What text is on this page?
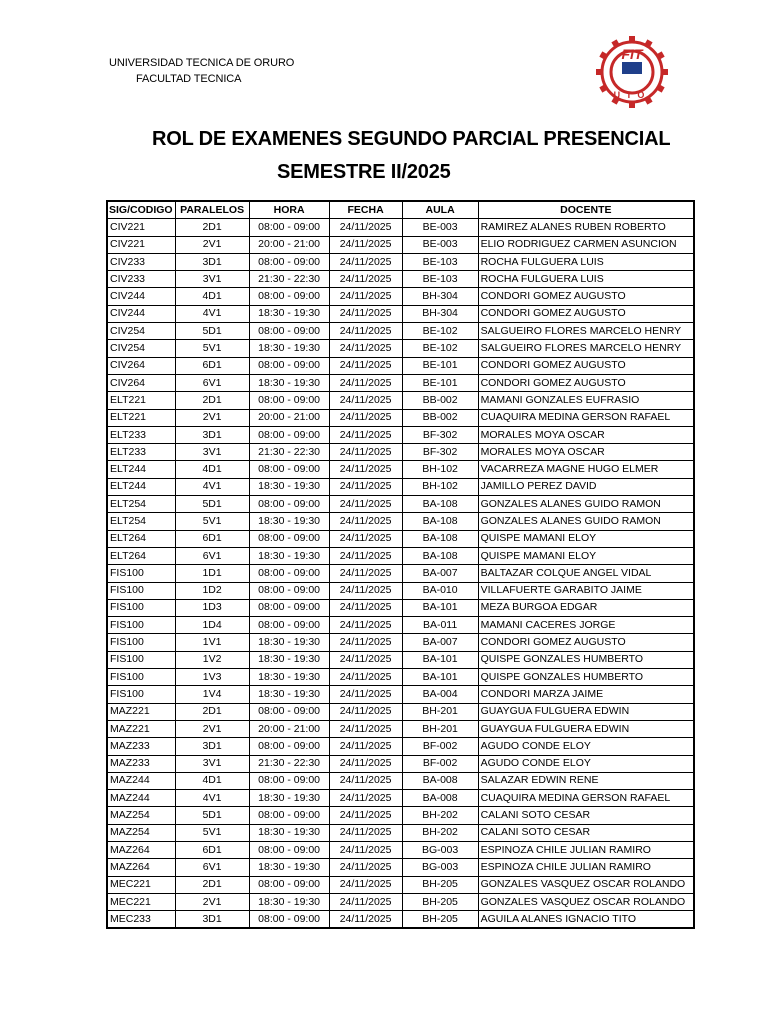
UNIVERSIDAD TECNICA DE ORURO
FACULTAD TECNICA
FIT
UTO
ROL DE EXAMENES SEGUNDO PARCIAL PRESENCIAL
SEMESTRE II/2025
SIG/CODIGO	PARALELOS	HORA	FECHA	AULA	DOCENTE
CIV221	2D1	08:00 - 09:00	24/11/2025	BE-003	RAMIREZ ALANES RUBEN ROBERTO
CIV221	2V1	20:00 - 21:00	24/11/2025	BE-003	ELIO RODRIGUEZ CARMEN ASUNCION
CIV233	3D1	08:00 - 09:00	24/11/2025	BE-103	ROCHA FULGUERA LUIS
CIV233	3V1	21:30 - 22:30	24/11/2025	BE-103	ROCHA FULGUERA LUIS
CIV244	4D1	08:00 - 09:00	24/11/2025	BH-304	CONDORI GOMEZ AUGUSTO
CIV244	4V1	18:30 - 19:30	24/11/2025	BH-304	CONDORI GOMEZ AUGUSTO
CIV254	5D1	08:00 - 09:00	24/11/2025	BE-102	SALGUEIRO FLORES MARCELO HENRY
CIV254	5V1	18:30 - 19:30	24/11/2025	BE-102	SALGUEIRO FLORES MARCELO HENRY
CIV264	6D1	08:00 - 09:00	24/11/2025	BE-101	CONDORI GOMEZ AUGUSTO
CIV264	6V1	18:30 - 19:30	24/11/2025	BE-101	CONDORI GOMEZ AUGUSTO
ELT221	2D1	08:00 - 09:00	24/11/2025	BB-002	MAMANI GONZALES EUFRASIO
ELT221	2V1	20:00 - 21:00	24/11/2025	BB-002	CUAQUIRA MEDINA GERSON RAFAEL
ELT233	3D1	08:00 - 09:00	24/11/2025	BF-302	MORALES MOYA OSCAR
ELT233	3V1	21:30 - 22:30	24/11/2025	BF-302	MORALES MOYA OSCAR
ELT244	4D1	08:00 - 09:00	24/11/2025	BH-102	VACARREZA MAGNE HUGO ELMER
ELT244	4V1	18:30 - 19:30	24/11/2025	BH-102	JAMILLO PEREZ DAVID
ELT254	5D1	08:00 - 09:00	24/11/2025	BA-108	GONZALES ALANES GUIDO RAMON
ELT254	5V1	18:30 - 19:30	24/11/2025	BA-108	GONZALES ALANES GUIDO RAMON
ELT264	6D1	08:00 - 09:00	24/11/2025	BA-108	QUISPE MAMANI ELOY
ELT264	6V1	18:30 - 19:30	24/11/2025	BA-108	QUISPE MAMANI ELOY
FIS100	1D1	08:00 - 09:00	24/11/2025	BA-007	BALTAZAR COLQUE ANGEL VIDAL
FIS100	1D2	08:00 - 09:00	24/11/2025	BA-010	VILLAFUERTE GARABITO JAIME
FIS100	1D3	08:00 - 09:00	24/11/2025	BA-101	MEZA BURGOA EDGAR
FIS100	1D4	08:00 - 09:00	24/11/2025	BA-011	MAMANI CACERES JORGE
FIS100	1V1	18:30 - 19:30	24/11/2025	BA-007	CONDORI GOMEZ AUGUSTO
FIS100	1V2	18:30 - 19:30	24/11/2025	BA-101	QUISPE GONZALES HUMBERTO
FIS100	1V3	18:30 - 19:30	24/11/2025	BA-101	QUISPE GONZALES HUMBERTO
FIS100	1V4	18:30 - 19:30	24/11/2025	BA-004	CONDORI MARZA JAIME
MAZ221	2D1	08:00 - 09:00	24/11/2025	BH-201	GUAYGUA FULGUERA EDWIN
MAZ221	2V1	20:00 - 21:00	24/11/2025	BH-201	GUAYGUA FULGUERA EDWIN
MAZ233	3D1	08:00 - 09:00	24/11/2025	BF-002	AGUDO CONDE ELOY
MAZ233	3V1	21:30 - 22:30	24/11/2025	BF-002	AGUDO CONDE ELOY
MAZ244	4D1	08:00 - 09:00	24/11/2025	BA-008	SALAZAR EDWIN RENE
MAZ244	4V1	18:30 - 19:30	24/11/2025	BA-008	CUAQUIRA MEDINA GERSON RAFAEL
MAZ254	5D1	08:00 - 09:00	24/11/2025	BH-202	CALANI SOTO CESAR
MAZ254	5V1	18:30 - 19:30	24/11/2025	BH-202	CALANI SOTO CESAR
MAZ264	6D1	08:00 - 09:00	24/11/2025	BG-003	ESPINOZA CHILE JULIAN RAMIRO
MAZ264	6V1	18:30 - 19:30	24/11/2025	BG-003	ESPINOZA CHILE JULIAN RAMIRO
MEC221	2D1	08:00 - 09:00	24/11/2025	BH-205	GONZALES VASQUEZ OSCAR ROLANDO
MEC221	2V1	18:30 - 19:30	24/11/2025	BH-205	GONZALES VASQUEZ OSCAR ROLANDO
MEC233	3D1	08:00 - 09:00	24/11/2025	BH-205	AGUILA ALANES IGNACIO TITO
